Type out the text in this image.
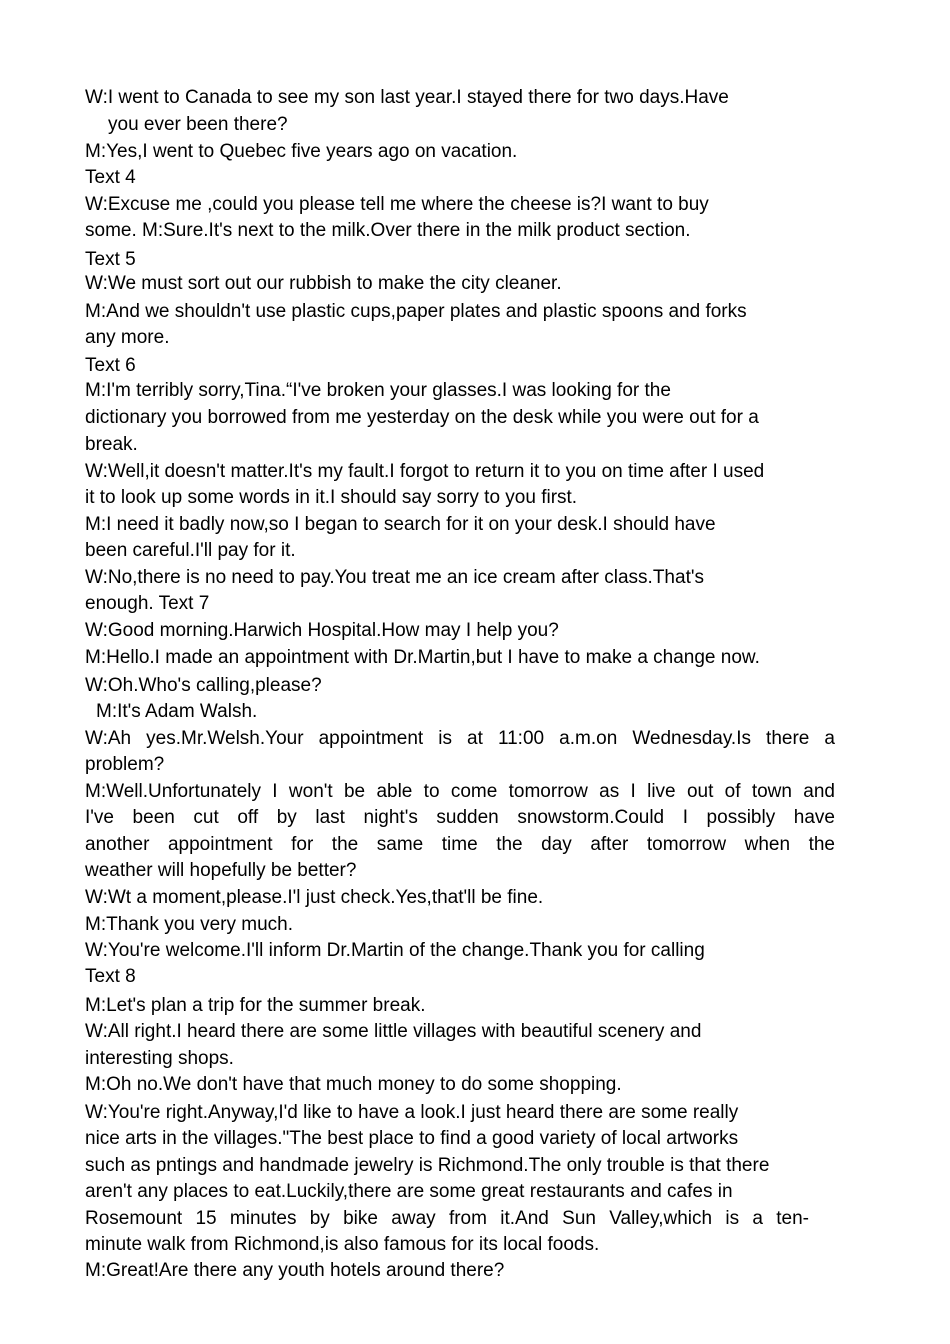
W:I went to Canada to see my son last year.I stayed there for two days.Have
you ever been there?
M:Yes,I went to Quebec five years ago on vacation.
Text 4
W:Excuse me ,could you please tell me where the cheese is?I want to buy
some. M:Sure.It's next to the milk.Over there in the milk product section.
Text 5
W:We must sort out our rubbish to make the city cleaner.
M:And we shouldn't use plastic cups,paper plates and plastic spoons and forks
any more.
Text 6
M:I'm terribly sorry,Tina.“I've broken your glasses.I was looking for the
dictionary you borrowed from me yesterday on the desk while you were out for a
break.
W:Well,it doesn't matter.It's my fault.I forgot to return it to you on time after I used
it to look up some words in it.I should say sorry to you first.
M:I need it badly now,so I began to search for it on your desk.I should have
been careful.I'll pay for it.
W:No,there is no need to pay.You treat me an ice cream after class.That's
enough. Text 7
W:Good morning.Harwich Hospital.How may I help you?
M:Hello.I made an appointment with Dr.Martin,but I have to make a change now.
W:Oh.Who's calling,please?
M:It's Adam Walsh.
W:Ah yes.Mr.Welsh.Your appointment is at 11:00 a.m.on Wednesday.Is there a
problem?
M:Well.Unfortunately I won't be able to come tomorrow as I live out of town and
I've been cut off by last night's sudden snowstorm.Could I possibly have
another appointment for the same time the day after tomorrow when the
weather will hopefully be better?
W:Wt a moment,please.I'l just check.Yes,that'll be fine.
M:Thank you very much.
W:You're welcome.I'll inform Dr.Martin of the change.Thank you for calling
Text 8
M:Let's plan a trip for the summer break.
W:All right.I heard there are some little villages with beautiful scenery and
interesting shops.
M:Oh no.We don't have that much money to do some shopping.
W:You're right.Anyway,I'd like to have a look.I just heard there are some really
nice arts in the villages."The best place to find a good variety of local artworks
such as pntings and handmade jewelry is Richmond.The only trouble is that there
aren't any places to eat.Luckily,there are some great restaurants and cafes in
Rosemount 15 minutes by bike away from it.And Sun Valley,which is a ten-
minute walk from Richmond,is also famous for its local foods.
M:Great!Are there any youth hotels around there?
